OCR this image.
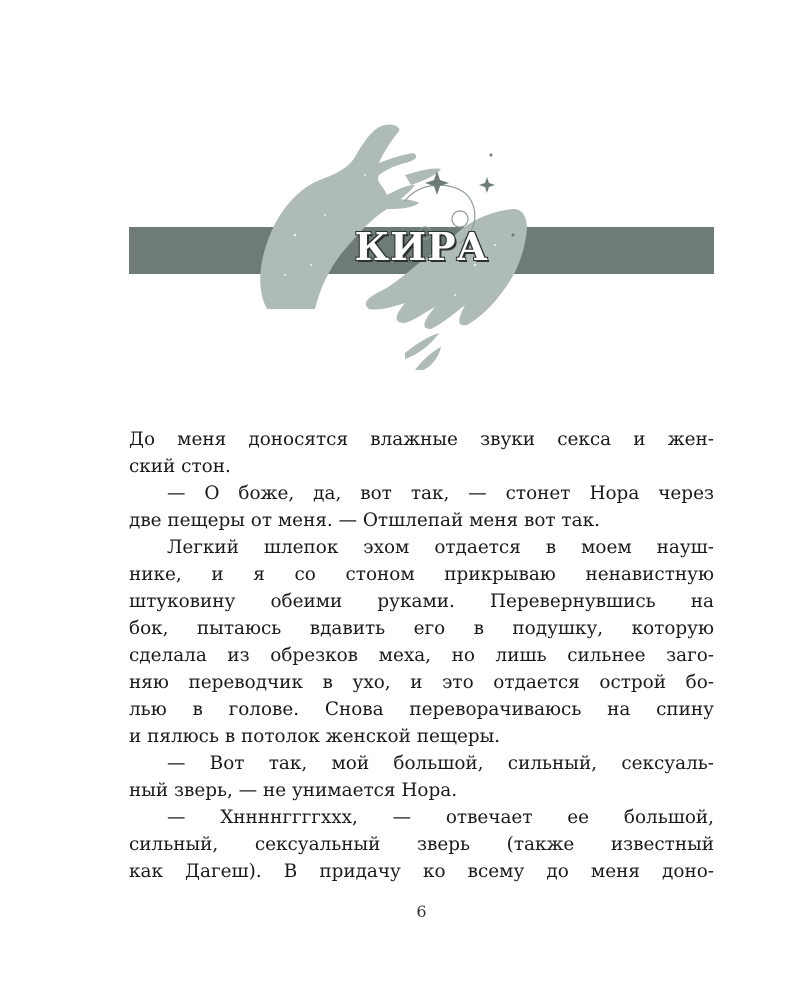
КИРА

До меня доносятся влажные звуки секса и жен-

ский стон.

— О боже, да, вот так, — стонет Нора через

две пещеры от меня. — Отшлепай меня вот так.

Легкий шлепок эхом отдается в моем науш-

нике, и я со стоном прикрываю ненавистную

штуковину обеими руками. Перевернувшись на

бок, пытаюсь вдавить его в подушку, которую

сделала из обрезков меха, но лишь сильнее заго-

няю переводчик в ухо, и это отдается острой бо-

лью в голове. Снова переворачиваюсь на спину

и пялюсь в потолок женской пещеры.

— Вот так, мой большой, сильный, сексуаль-

ный зверь, — не унимается Нора.

— Хннннггггххх, — отвечает ее большой,

сильный, сексуальный зверь (также известный

как Дагеш). В придачу ко всему до меня доно-

6
